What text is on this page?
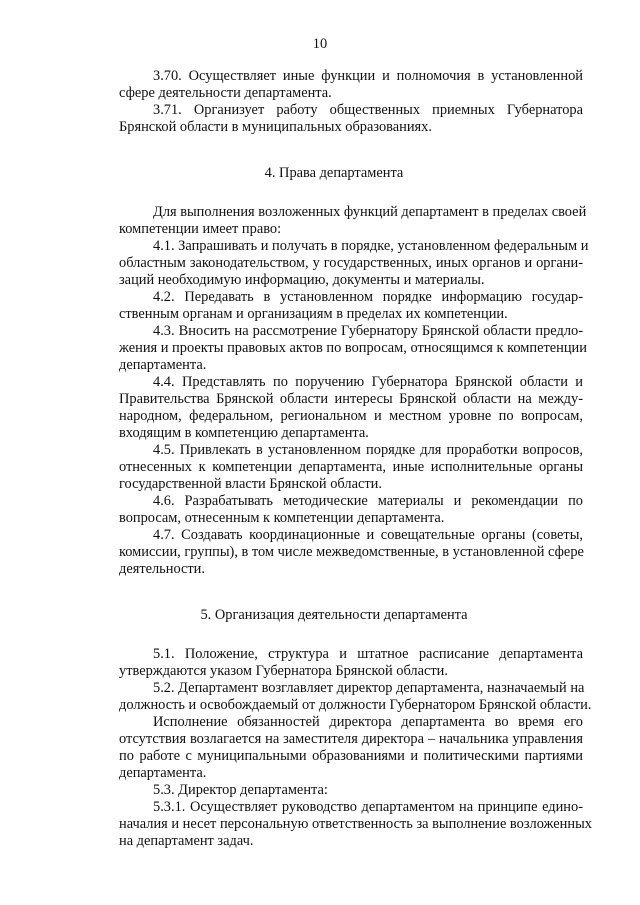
10
3.70. Осуществляет иные функции и полномочия в установленной
сфере деятельности департамента.
3.71. Организует работу общественных приемных Губернатора
Брянской области в муниципальных образованиях.
4. Права департамента
Для выполнения возложенных функций департамент в пределах своей
компетенции имеет право:
4.1. Запрашивать и получать в порядке, установленном федеральным и
областным законодательством, у государственных, иных органов и органи-
заций необходимую информацию, документы и материалы.
4.2. Передавать в установленном порядке информацию государ-
ственным органам и организациям в пределах их компетенции.
4.3. Вносить на рассмотрение Губернатору Брянской области предло-
жения и проекты правовых актов по вопросам, относящимся к компетенции
департамента.
4.4. Представлять по поручению Губернатора Брянской области и
Правительства Брянской области интересы Брянской области на между-
народном, федеральном, региональном и местном уровне по вопросам,
входящим в компетенцию департамента.
4.5. Привлекать в установленном порядке для проработки вопросов,
отнесенных к компетенции департамента, иные исполнительные органы
государственной власти Брянской области.
4.6. Разрабатывать методические материалы и рекомендации по
вопросам, отнесенным к компетенции департамента.
4.7. Создавать координационные и совещательные органы (советы,
комиссии, группы), в том числе межведомственные, в установленной сфере
деятельности.
5. Организация деятельности департамента
5.1. Положение, структура и штатное расписание департамента
утверждаются указом Губернатора Брянской области.
5.2. Департамент возглавляет директор департамента, назначаемый на
должность и освобождаемый от должности Губернатором Брянской области.
Исполнение обязанностей директора департамента во время его
отсутствия возлагается на заместителя директора – начальника управления
по работе с муниципальными образованиями и политическими партиями
департамента.
5.3. Директор департамента:
5.3.1. Осуществляет руководство департаментом на принципе едино-
началия и несет персональную ответственность за выполнение возложенных
на департамент задач.
